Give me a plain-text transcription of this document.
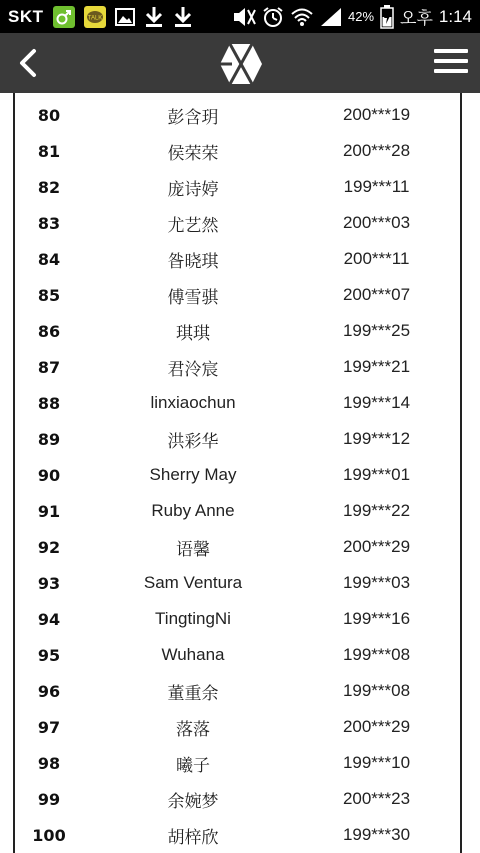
SKT	TALK	42% 오후 1:14
80	彭含玥	200***19
81	侯荣荣	200***28
82	庞诗婷	199***11
83	尤艺然	200***03
84	昝晓琪	200***11
85	傅雪骐	200***07
86	琪琪	199***25
87	君泠宸	199***21
88	linxiaochun	199***14
89	洪彩华	199***12
90	Sherry May	199***01
91	Ruby Anne	199***22
92	语馨	200***29
93	Sam Ventura	199***03
94	TingtingNi	199***16
95	Wuhana	199***08
96	董重余	199***08
97	落落	200***29
98	曦子	199***10
99	余婉梦	200***23
100	胡梓欣	199***30
